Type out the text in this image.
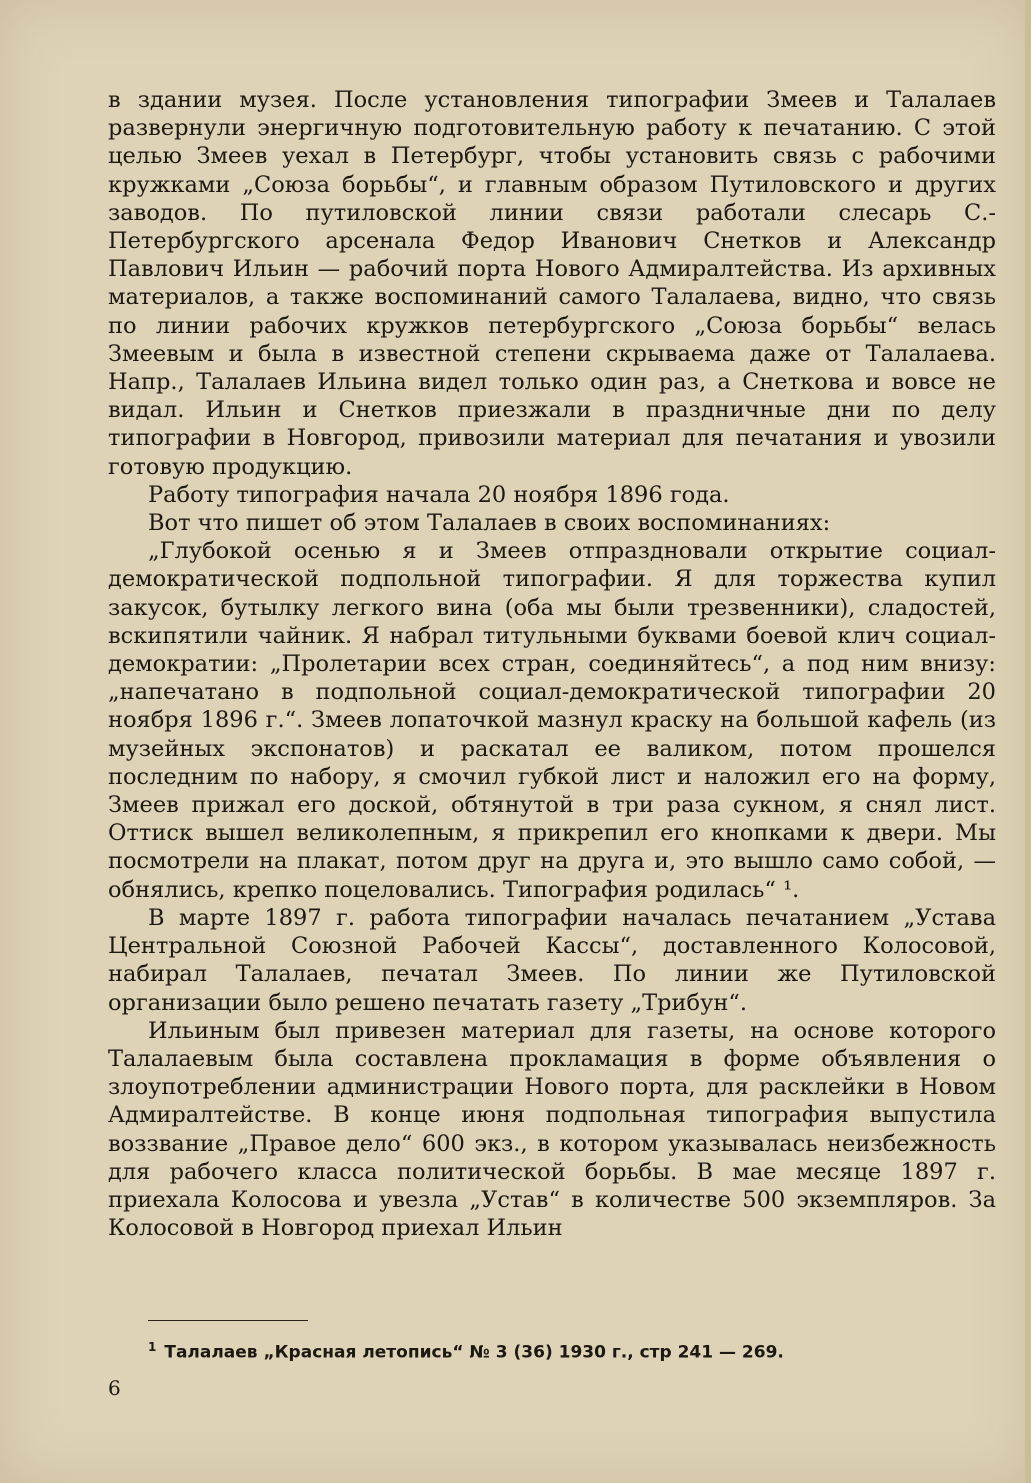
в здании музея. После установления типографии Змеев и Талалаев развернули энергичную подготовительную работу к печатанию. С этой целью Змеев уехал в Петербург, чтобы установить связь с рабочими кружками „Союза борьбы“, и главным образом Путиловского и других заводов. По путиловской линии связи работали слесарь С.-Петербургского арсенала Федор Иванович Снетков и Александр Павлович Ильин — рабочий порта Нового Адмиралтейства. Из архивных материалов, а также воспоминаний самого Талалаева, видно, что связь по линии рабочих кружков петербургского „Союза борьбы“ велась Змеевым и была в известной степени скрываема даже от Талалаева. Напр., Талалаев Ильина видел только один раз, а Снеткова и вовсе не видал. Ильин и Снетков приезжали в праздничные дни по делу типографии в Новгород, привозили материал для печатания и увозили готовую продукцию.

Работу типография начала 20 ноября 1896 года.

Вот что пишет об этом Талалаев в своих воспоминаниях:

„Глубокой осенью я и Змеев отпраздновали открытие социал-демократической подпольной типографии. Я для торжества купил закусок, бутылку легкого вина (оба мы были трезвенники), сладостей, вскипятили чайник. Я набрал титульными буквами боевой клич социал-демократии: „Пролетарии всех стран, соединяйтесь“, а под ним внизу: „напечатано в подпольной социал-демократической типографии 20 ноября 1896 г.“. Змеев лопаточкой мазнул краску на большой кафель (из музейных экспонатов) и раскатал ее валиком, потом прошелся последним по набору, я смочил губкой лист и наложил его на форму, Змеев прижал его доской, обтянутой в три раза сукном, я снял лист. Оттиск вышел великолепным, я прикрепил его кнопками к двери. Мы посмотрели на плакат, потом друг на друга и, это вышло само собой, — обнялись, крепко поцеловались. Типография родилась“ ¹.

В марте 1897 г. работа типографии началась печатанием „Устава Центральной Союзной Рабочей Кассы“, доставленного Колосовой, набирал Талалаев, печатал Змеев. По линии же Путиловской организации было решено печатать газету „Трибун“.

Ильиным был привезен материал для газеты, на основе которого Талалаевым была составлена прокламация в форме объявления о злоупотреблении администрации Нового порта, для расклейки в Новом Адмиралтействе. В конце июня подпольная типография выпустила воззвание „Правое дело“ 600 экз., в котором указывалась неизбежность для рабочего класса политической борьбы. В мае месяце 1897 г. приехала Колосова и увезла „Устав“ в количестве 500 экземпляров. За Колосовой в Новгород приехал Ильин

$^1$ Талалаев „Красная летопись“ № 3 (36) 1930 г., стр 241 — 269.
6
